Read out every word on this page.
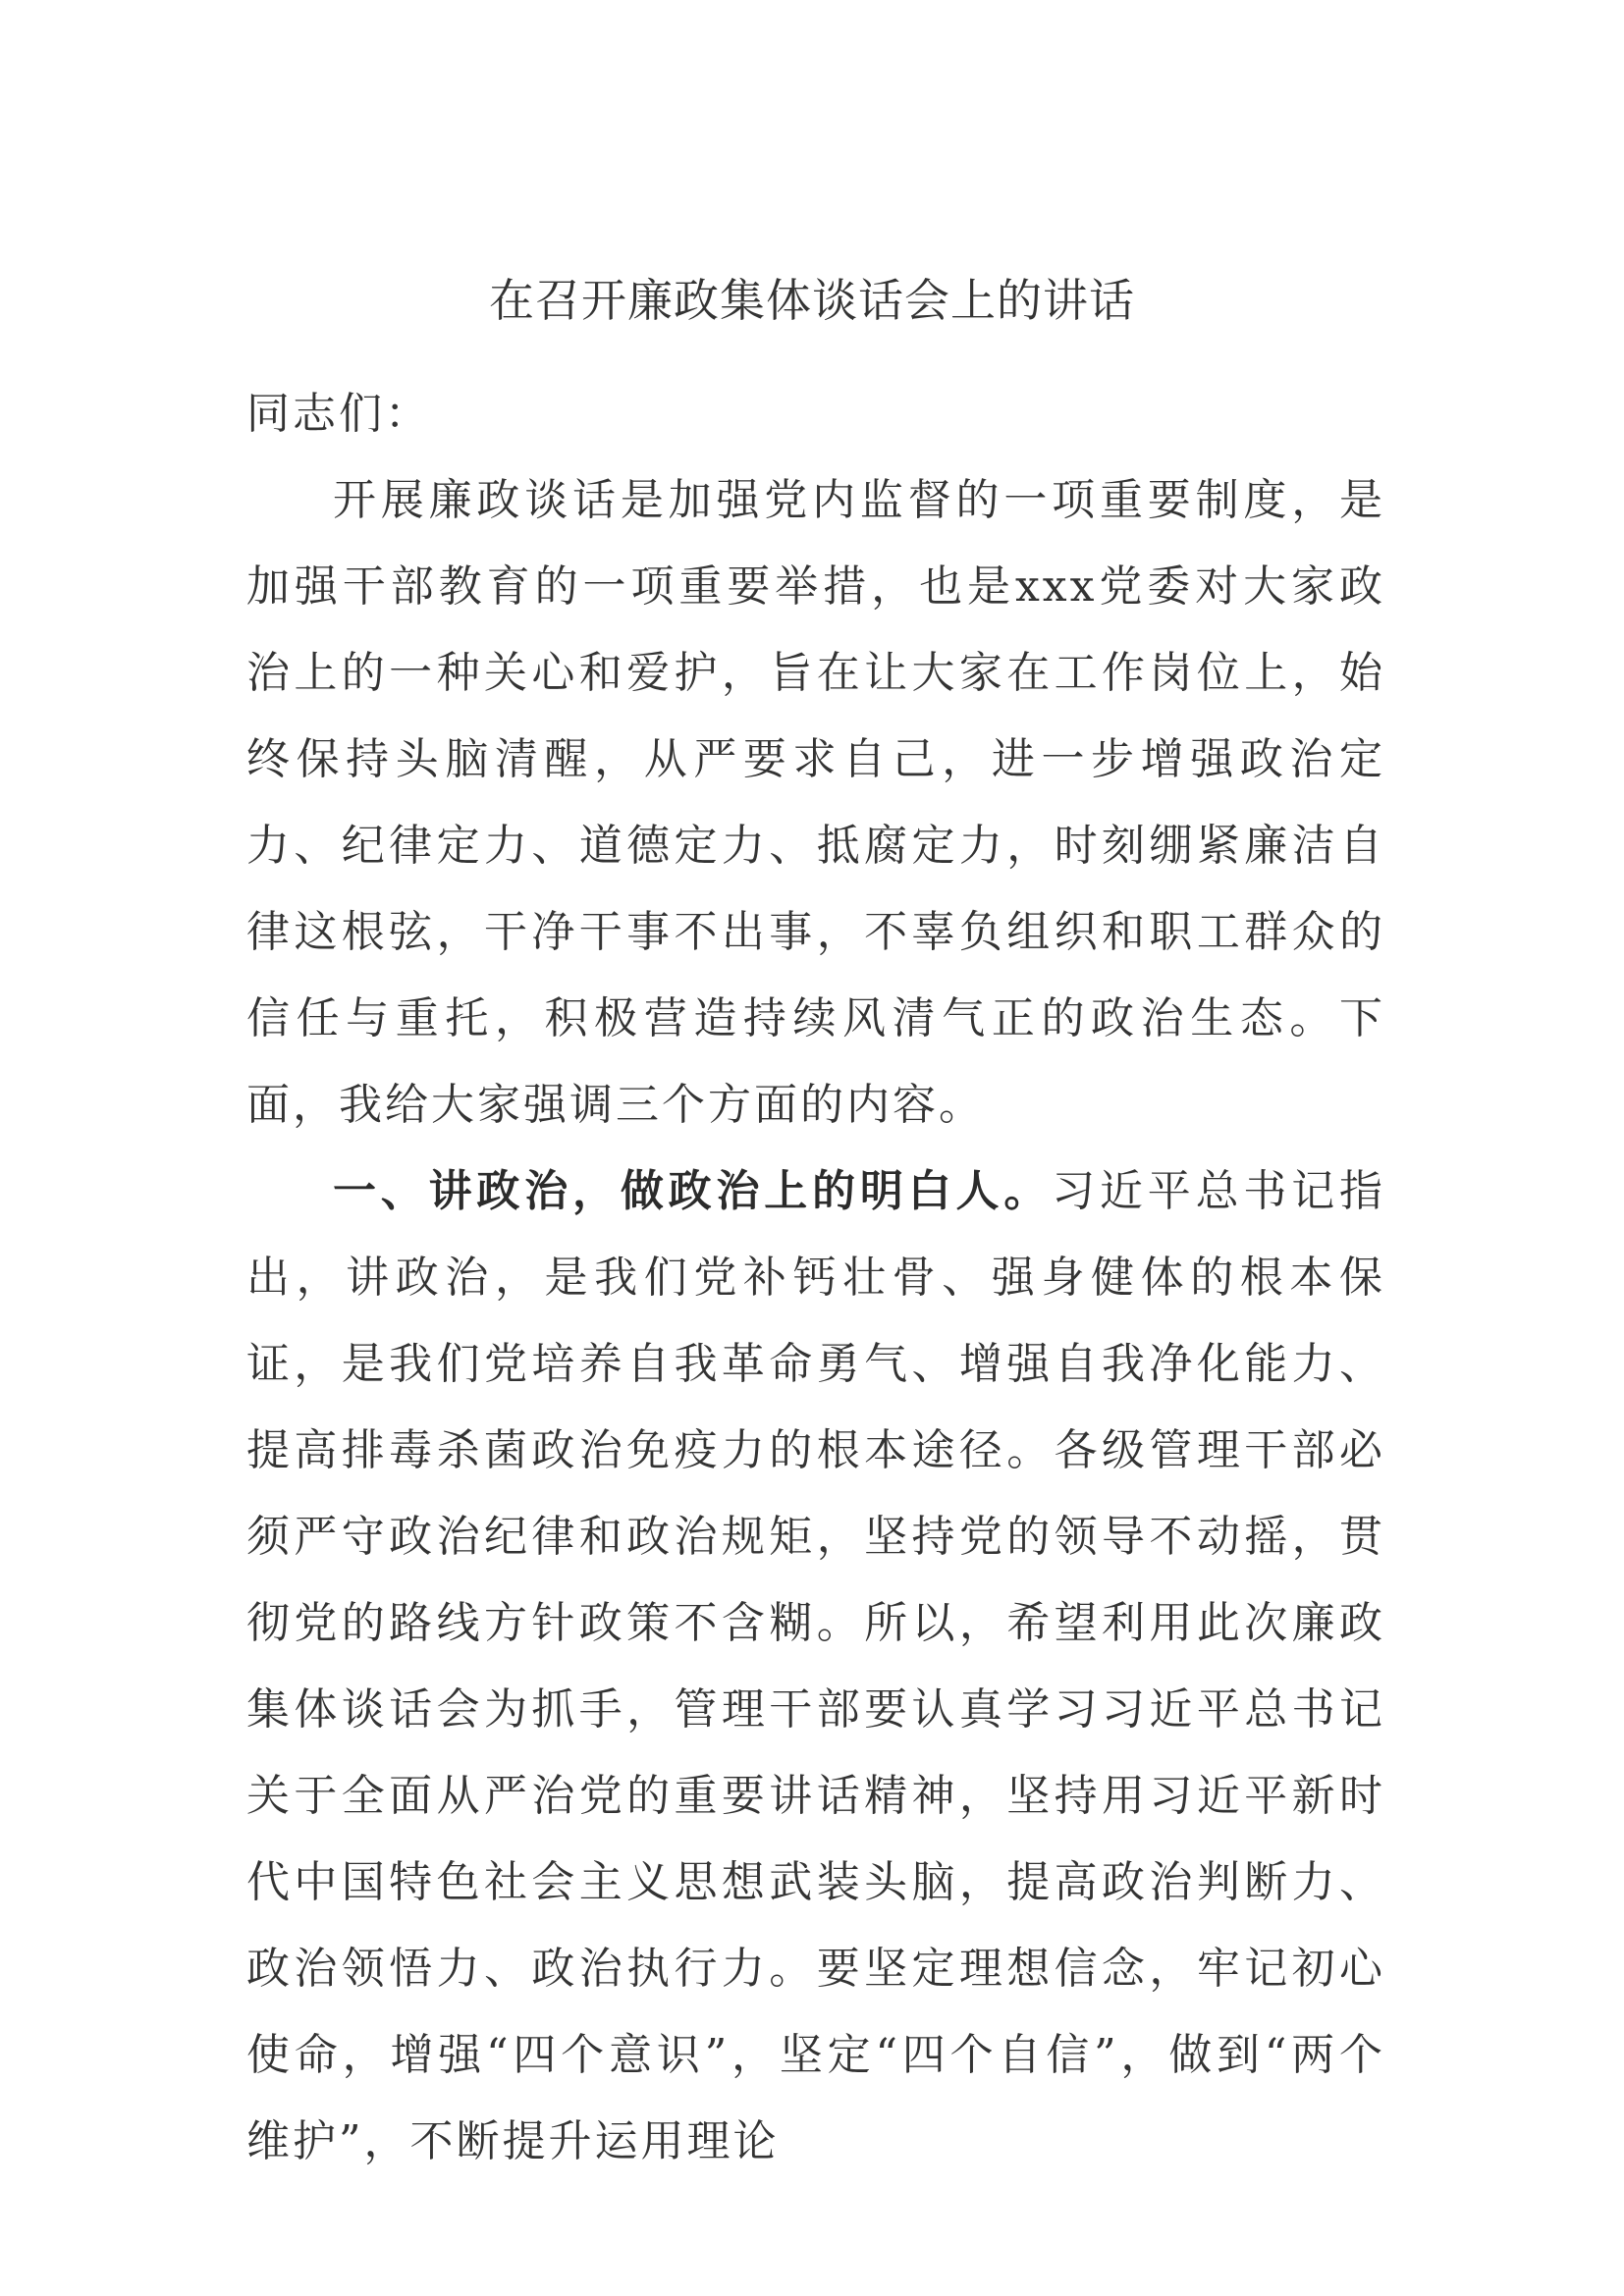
在召开廉政集体谈话会上的讲话

同志们：

开展廉政谈话是加强党内监督的一项重要制度，是加强干部教育的一项重要举措，也是xxx党委对大家政治上的一种关心和爱护，旨在让大家在工作岗位上，始终保持头脑清醒，从严要求自己，进一步增强政治定力、纪律定力、道德定力、抵腐定力，时刻绷紧廉洁自律这根弦，干净干事不出事，不辜负组织和职工群众的信任与重托，积极营造持续风清气正的政治生态。下面，我给大家强调三个方面的内容。

一、讲政治，做政治上的明白人。习近平总书记指出，讲政治，是我们党补钙壮骨、强身健体的根本保证，是我们党培养自我革命勇气、增强自我净化能力、提高排毒杀菌政治免疫力的根本途径。各级管理干部必须严守政治纪律和政治规矩，坚持党的领导不动摇，贯彻党的路线方针政策不含糊。所以，希望利用此次廉政集体谈话会为抓手，管理干部要认真学习习近平总书记关于全面从严治党的重要讲话精神，坚持用习近平新时代中国特色社会主义思想武装头脑，提高政治判断力、政治领悟力、政治执行力。要坚定理想信念，牢记初心使命，增强“四个意识”，坚定“四个自信”，做到“两个维护”，不断提升运用理论
